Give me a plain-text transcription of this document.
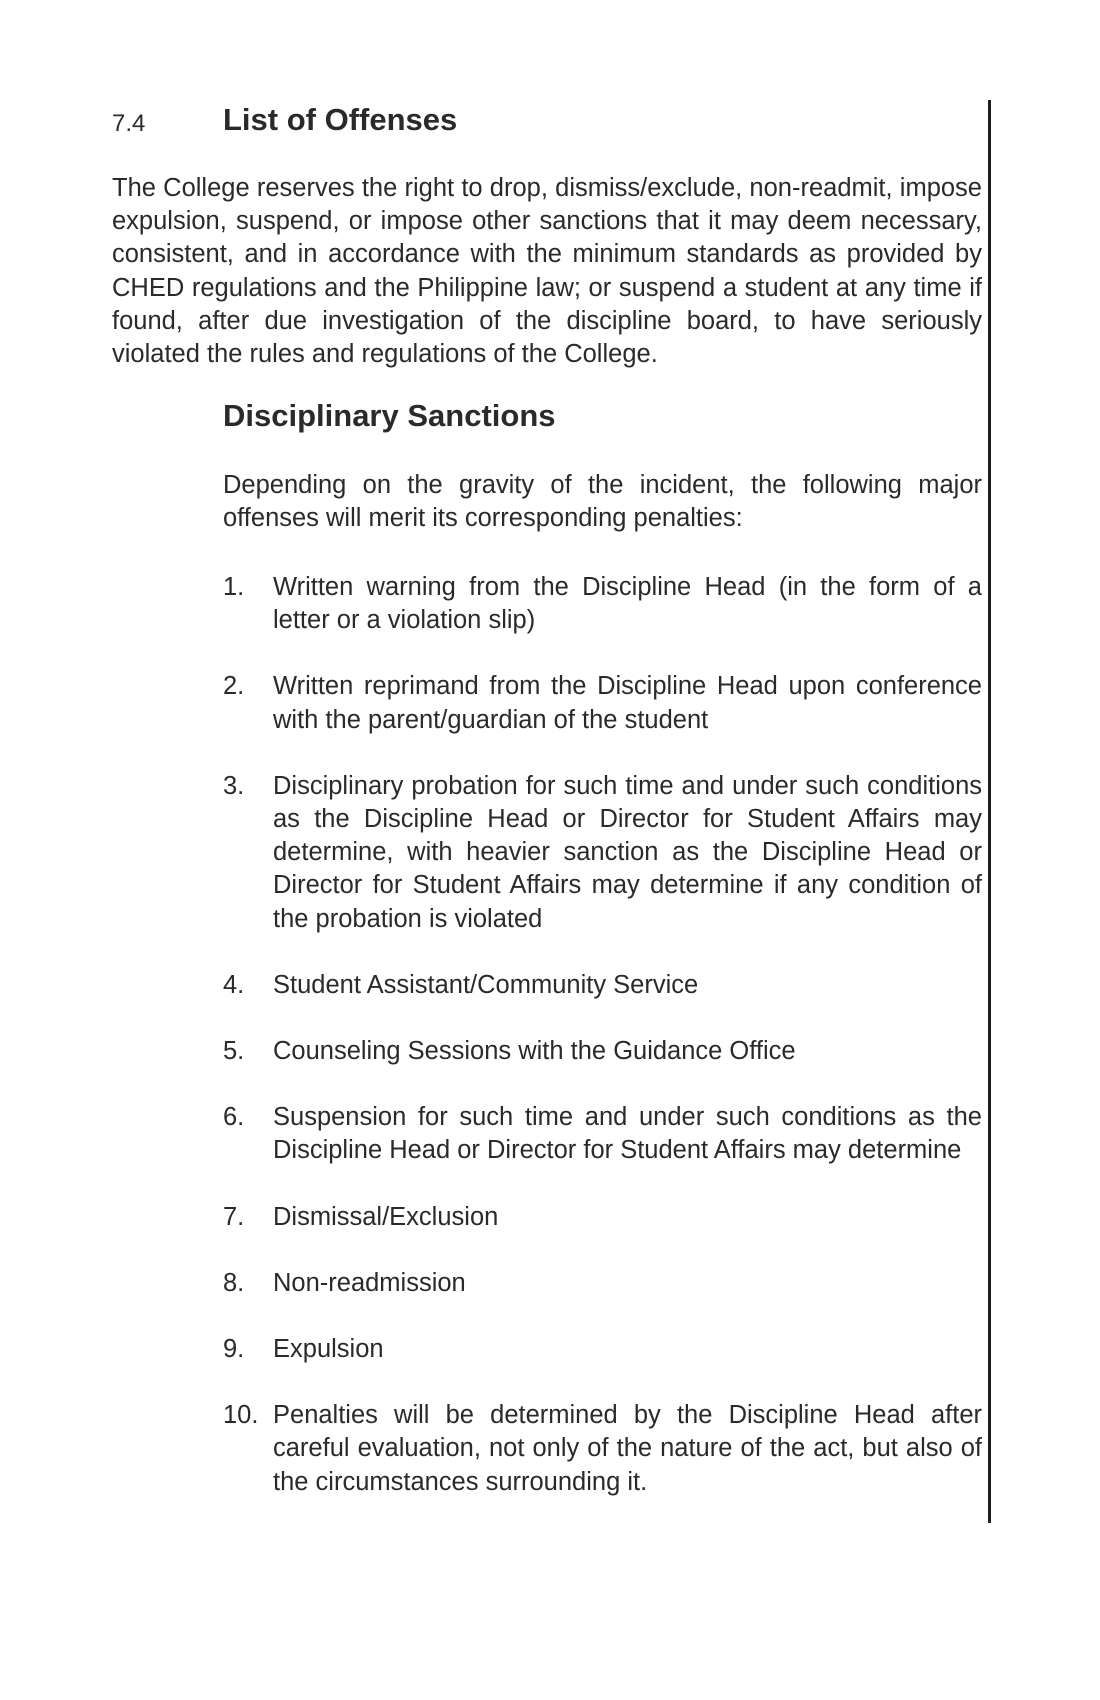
7.4	List of Offenses

The College reserves the right to drop, dismiss/exclude, non-readmit, impose expulsion, suspend, or impose other sanctions that it may deem necessary, consistent, and in accordance with the minimum standards as provided by CHED regulations and the Philippine law; or suspend a student at any time if found, after due investigation of the discipline board, to have seriously violated the rules and regulations of the College.

Disciplinary Sanctions

Depending on the gravity of the incident, the following major offenses will merit its corresponding penalties:

1. Written warning from the Discipline Head (in the form of a letter or a violation slip)
2. Written reprimand from the Discipline Head upon conference with the parent/guardian of the student
3. Disciplinary probation for such time and under such conditions as the Discipline Head or Director for Student Affairs may determine, with heavier sanction as the Discipline Head or Director for Student Affairs may determine if any condition of the probation is violated
4. Student Assistant/Community Service
5. Counseling Sessions with the Guidance Office
6. Suspension for such time and under such conditions as the Discipline Head or Director for Student Affairs may determine
7. Dismissal/Exclusion
8. Non-readmission
9. Expulsion
10. Penalties will be determined by the Discipline Head after careful evaluation, not only of the nature of the act, but also of the circumstances surrounding it.
